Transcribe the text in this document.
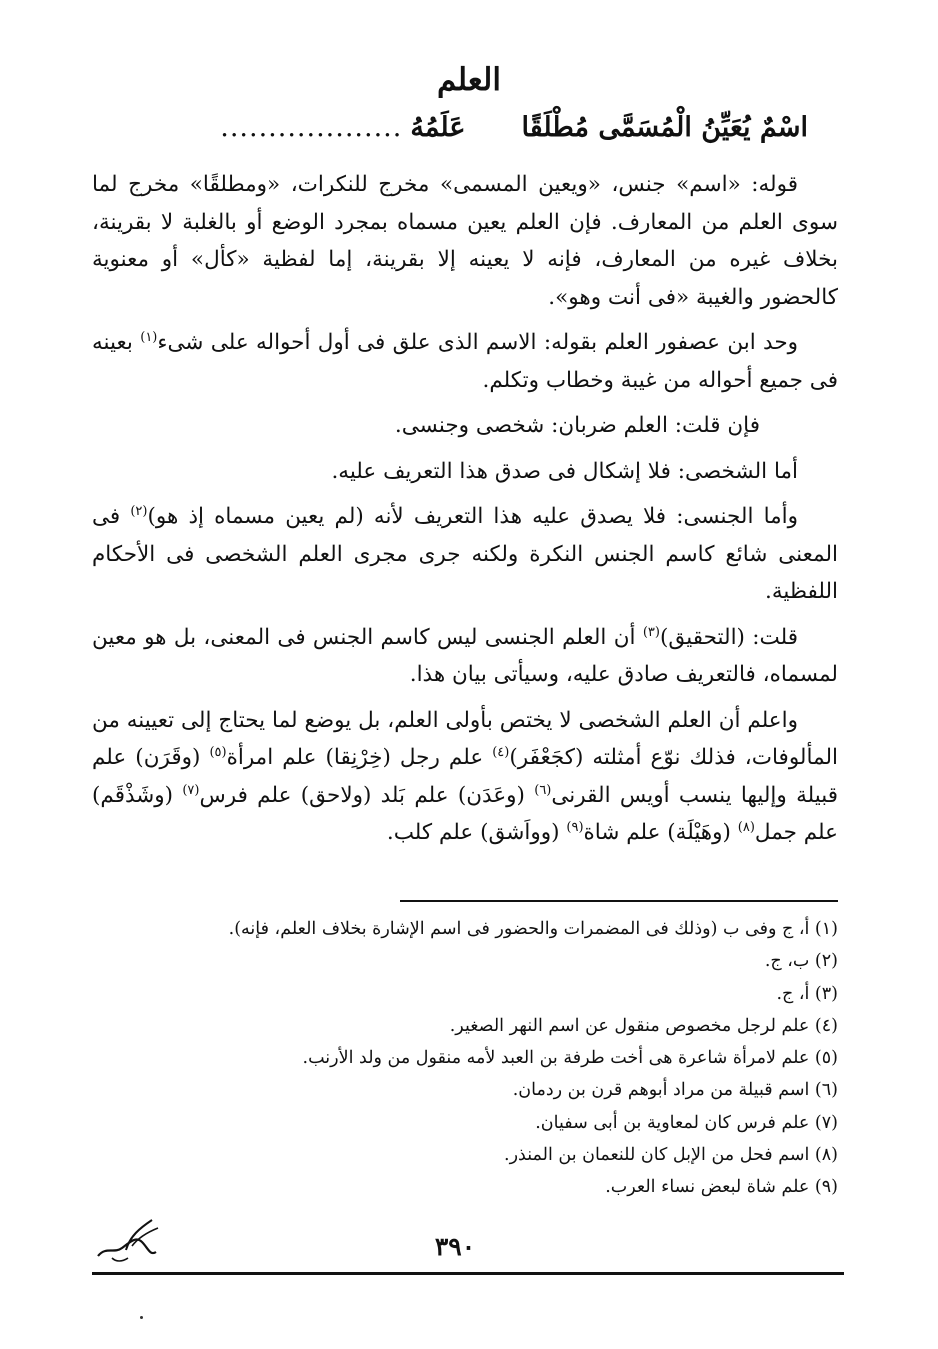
العلم
اسْمٌ يُعَيِّنُ الْمُسَمَّى مُطْلَقًاعَلَمُهُ...................

قوله: «اسم» جنس، «ويعين المسمى» مخرج للنكرات، «ومطلقًا» مخرج لما سوى العلم من المعارف. فإن العلم يعين مسماه بمجرد الوضع أو بالغلبة لا بقرينة، بخلاف غيره من المعارف، فإنه لا يعينه إلا بقرينة، إما لفظية «كأل» أو معنوية كالحضور والغيبة «فى أنت وهو».

وحد ابن عصفور العلم بقوله: الاسم الذى علق فى أول أحواله على شىء$^{(١)}$ بعينه فى جميع أحواله من غيبة وخطاب وتكلم.

فإن قلت: العلم ضربان: شخصى وجنسى.

أما الشخصى: فلا إشكال فى صدق هذا التعريف عليه.

وأما الجنسى: فلا يصدق عليه هذا التعريف لأنه (لم يعين مسماه إذ هو)$^{(٢)}$ فى المعنى شائع كاسم الجنس النكرة ولكنه جرى مجرى العلم الشخصى فى الأحكام اللفظية.

قلت: (التحقيق)$^{(٣)}$ أن العلم الجنسى ليس كاسم الجنس فى المعنى، بل هو معين لمسماه، فالتعريف صادق عليه، وسيأتى بيان هذا.

واعلم أن العلم الشخصى لا يختص بأولى العلم، بل يوضع لما يحتاج إلى تعيينه من المألوفات، فذلك نوّع أمثلته (كجَعْفَر)$^{(٤)}$ علم رجل (خِرْنِقا) علم امرأة$^{(٥)}$ (وقَرَن) علم قبيلة وإليها ينسب أويس القرنى$^{(٦)}$ (وعَدَن) علم بَلد (ولاحق) علم فرس$^{(٧)}$ (وشَذْقَم) علم جمل$^{(٨)}$ (وهَيْلَة) علم شاة$^{(٩)}$ (وواَشق) علم كلب.

(١) أ، ج وفى ب (وذلك فى المضمرات والحضور فى اسم الإشارة بخلاف العلم، فإنه).
(٢) ب، ج.
(٣) أ، ج.
(٤) علم لرجل مخصوص منقول عن اسم النهر الصغير.
(٥) علم لامرأة شاعرة هى أخت طرفة بن العبد لأمه منقول من ولد الأرنب.
(٦) اسم قبيلة من مراد أبوهم قرن بن ردمان.
(٧) علم فرس كان لمعاوية بن أبى سفيان.
(٨) اسم فحل من الإبل كان للنعمان بن المنذر.
(٩) علم شاة لبعض نساء العرب.
٣٩٠
